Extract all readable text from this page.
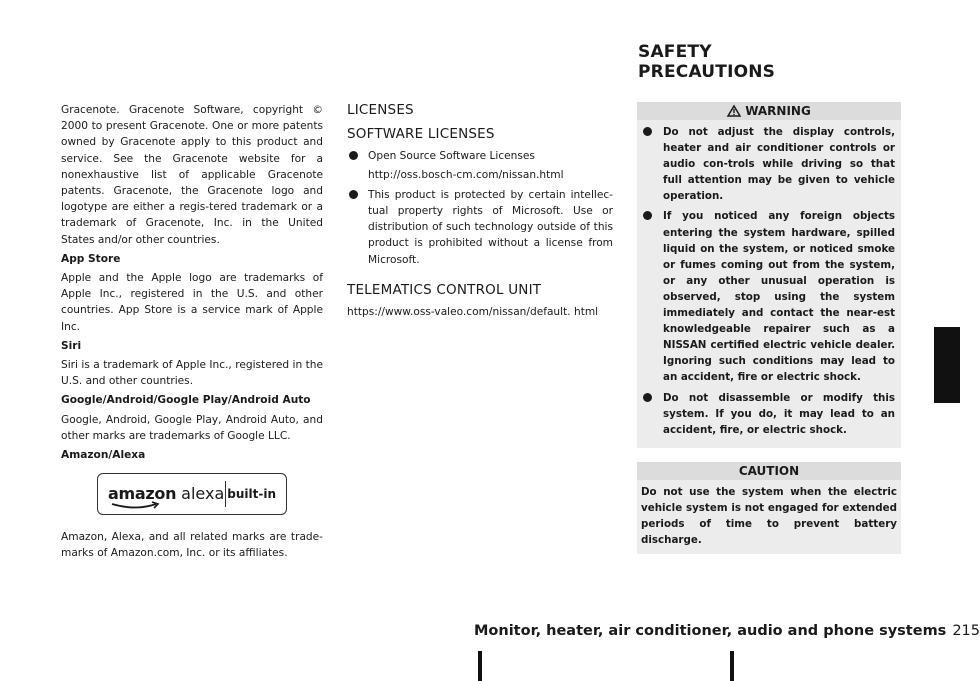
SAFETY PRECAUTIONS

Gracenote. Gracenote Software, copyright © 2000 to present Gracenote. One or more patents owned by Gracenote apply to this product and service. See the Gracenote website for a nonexhaustive list of applicable Gracenote patents. Gracenote, the Gracenote logo and logotype are either a regis-tered trademark or a trademark of Gracenote, Inc. in the United States and/or other countries.

App Store

Apple and the Apple logo are trademarks of Apple Inc., registered in the U.S. and other countries. App Store is a service mark of Apple Inc.

Siri

Siri is a trademark of Apple Inc., registered in the U.S. and other countries.

Google/Android/Google Play/Android Auto

Google, Android, Google Play, Android Auto, and other marks are trademarks of Google LLC.

Amazon/Alexa

amazon alexa built-in

Amazon, Alexa, and all related marks are trade-marks of Amazon.com, Inc. or its affiliates.

LICENSES

SOFTWARE LICENSES

Open Source Software Licenses

http://oss.bosch-cm.com/nissan.html

This product is protected by certain intellec-tual property rights of Microsoft. Use or distribution of such technology outside of this product is prohibited without a license from Microsoft.

TELEMATICS CONTROL UNIT

https://www.oss-valeo.com/nissan/default. html

WARNING
Do not adjust the display controls, heater and air conditioner controls or audio con-trols while driving so that full attention may be given to vehicle operation.
If you noticed any foreign objects entering the system hardware, spilled liquid on the system, or noticed smoke or fumes coming out from the system, or any other unusual operation is observed, stop using the system immediately and contact the near-est knowledgeable repairer such as a NISSAN certified electric vehicle dealer. Ignoring such conditions may lead to an accident, fire or electric shock.
Do not disassemble or modify this system. If you do, it may lead to an accident, fire, or electric shock.
CAUTION
Do not use the system when the electric vehicle system is not engaged for extended periods of time to prevent battery discharge.
Monitor, heater, air conditioner, audio and phone systems 215
